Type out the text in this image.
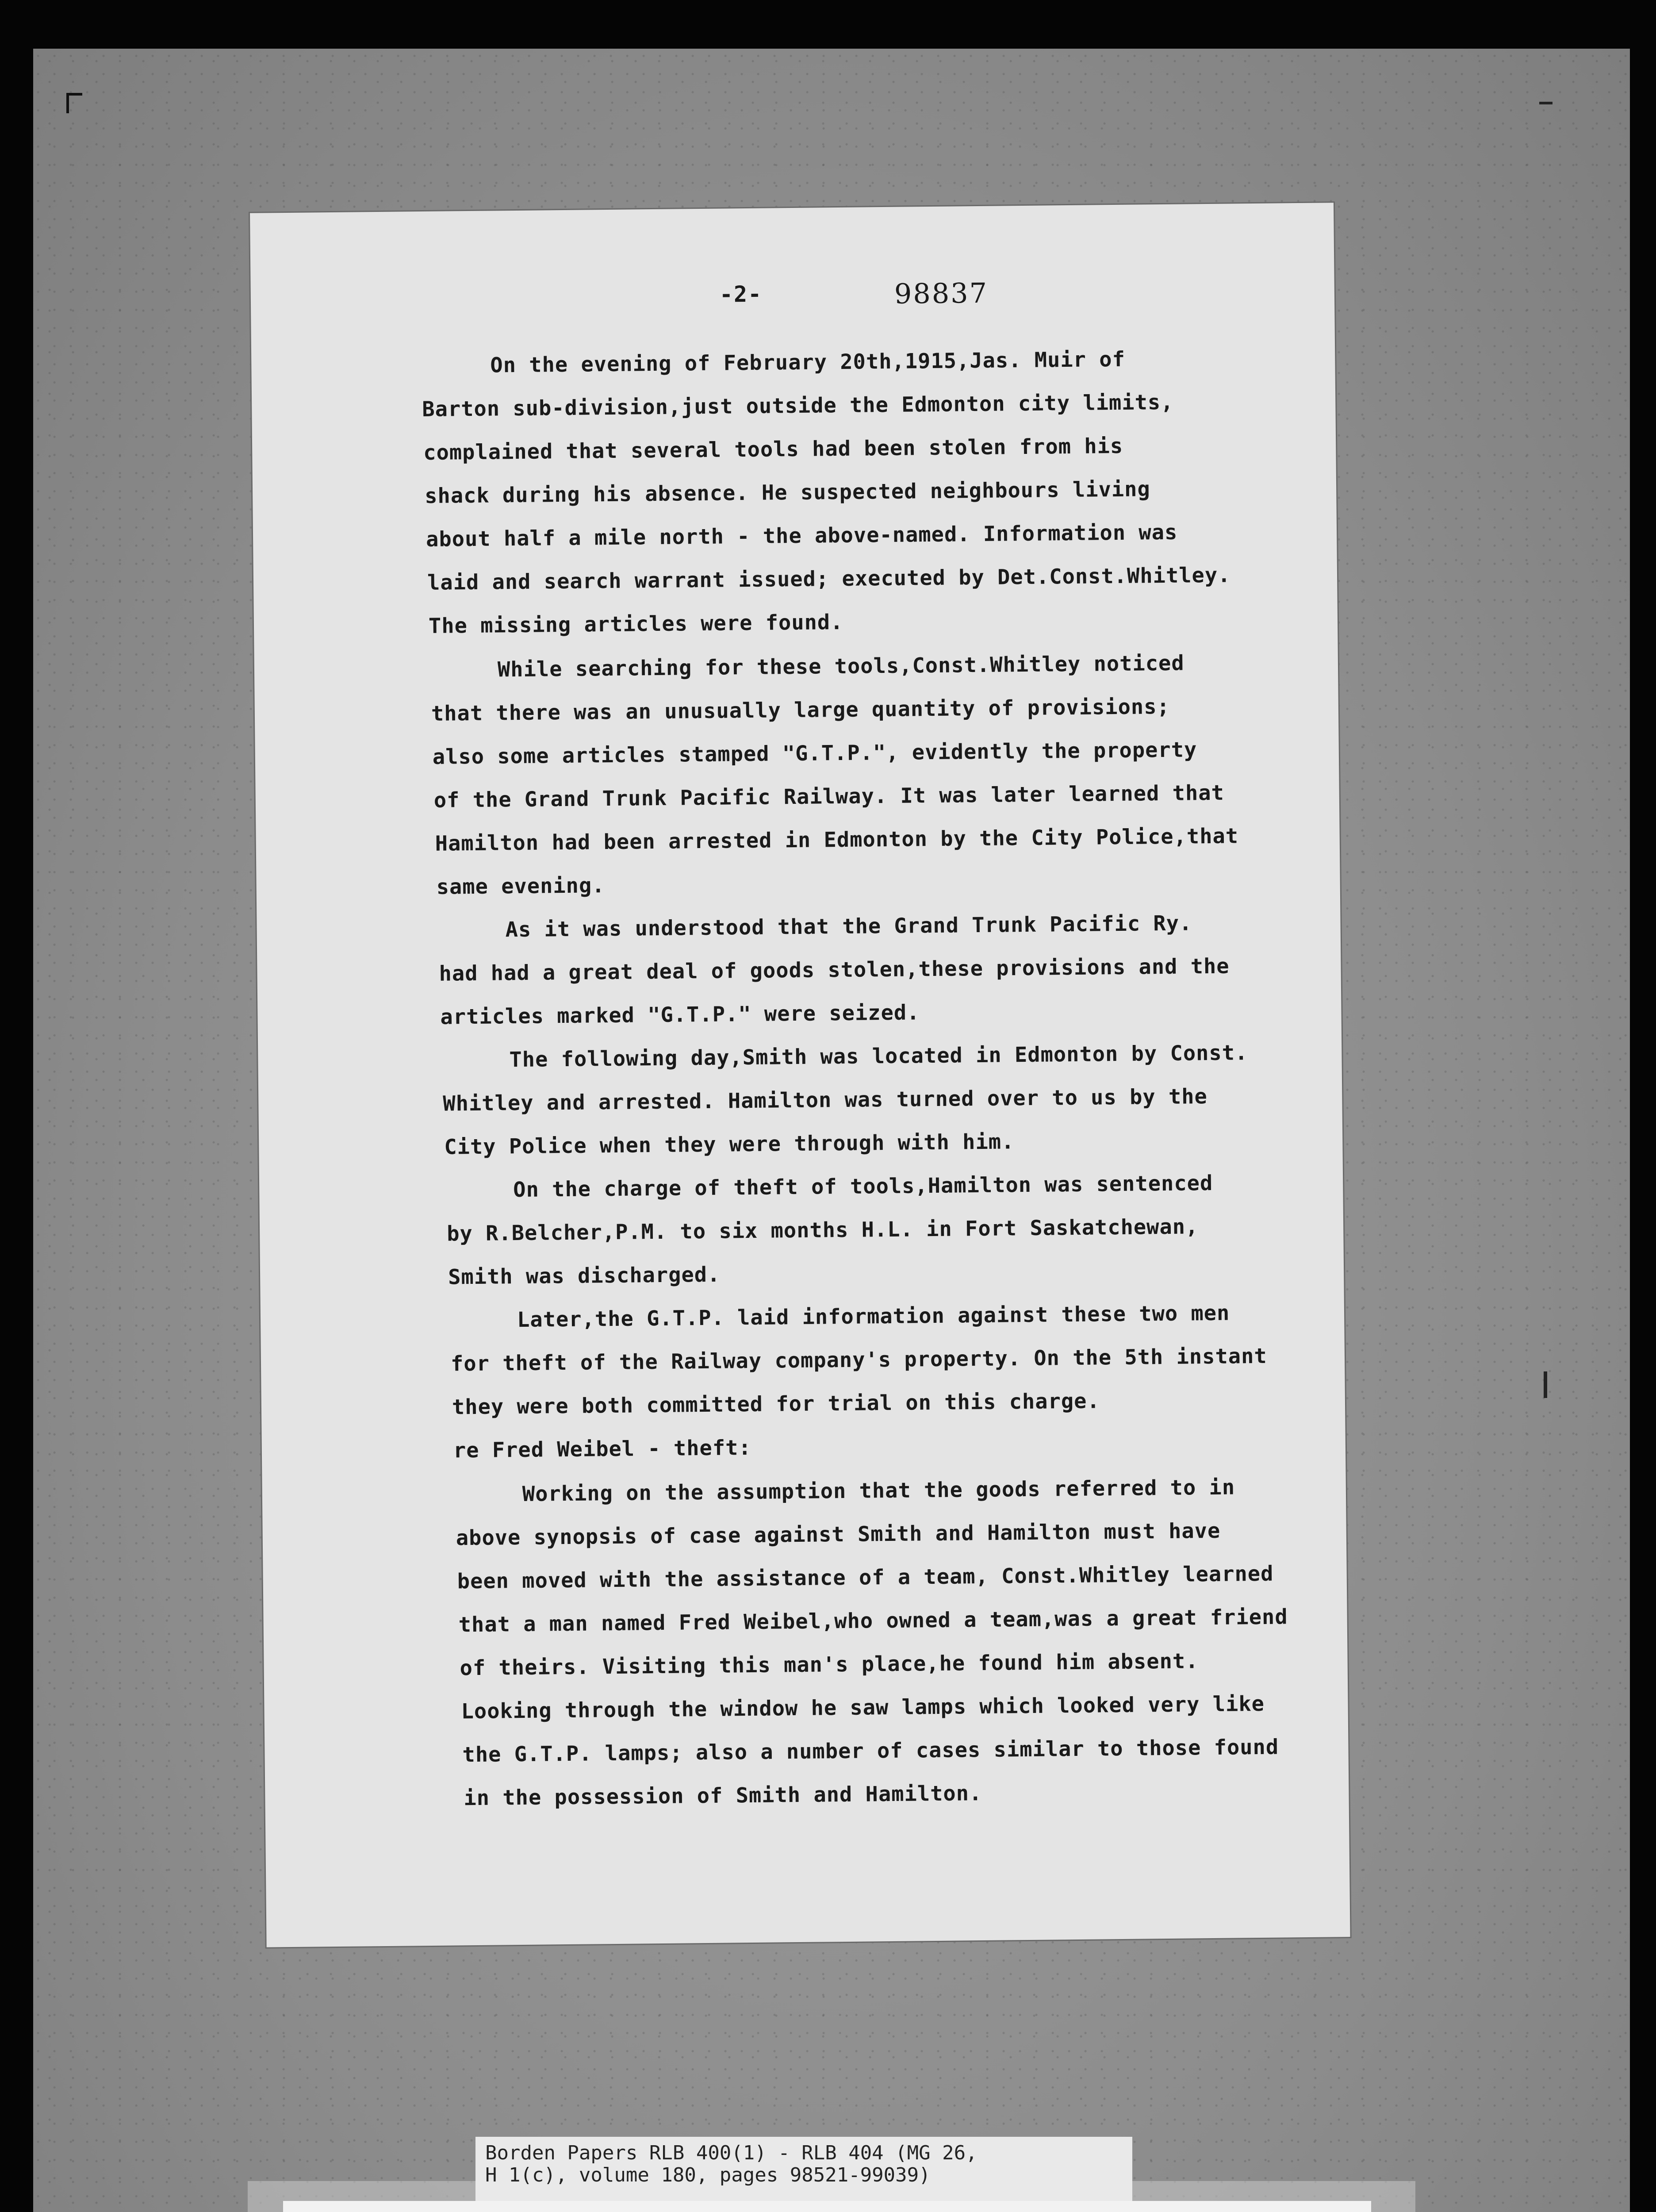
-2-	98837
On the evening of February 20th,1915,Jas. Muir of
Barton sub-division,just outside the Edmonton city limits,
complained that several tools had been stolen from his
shack during his absence. He suspected neighbours living
about half a mile north - the above-named. Information was
laid and search warrant issued; executed by Det.Const.Whitley.
The missing articles were found.
While searching for these tools,Const.Whitley noticed
that there was an unusually large quantity of provisions;
also some articles stamped "G.T.P.", evidently the property
of the Grand Trunk Pacific Railway. It was later learned that
Hamilton had been arrested in Edmonton by the City Police,that
same evening.
As it was understood that the Grand Trunk Pacific Ry.
had had a great deal of goods stolen,these provisions and the
articles marked "G.T.P." were seized.
The following day,Smith was located in Edmonton by Const.
Whitley and arrested. Hamilton was turned over to us by the
City Police when they were through with him.
On the charge of theft of tools,Hamilton was sentenced
by R.Belcher,P.M. to six months H.L. in Fort Saskatchewan,
Smith was discharged.
Later,the G.T.P. laid information against these two men
for theft of the Railway company's property. On the 5th instant
they were both committed for trial on this charge.
re Fred Weibel - theft:
Working on the assumption that the goods referred to in
above synopsis of case against Smith and Hamilton must have
been moved with the assistance of a team, Const.Whitley learned
that a man named Fred Weibel,who owned a team,was a great friend
of theirs. Visiting this man's place,he found him absent.
Looking through the window he saw lamps which looked very like
the G.T.P. lamps; also a number of cases similar to those found
in the possession of Smith and Hamilton.
Borden Papers RLB 400(1) - RLB 404 (MG 26,
H 1(c), volume 180, pages 98521-99039)
